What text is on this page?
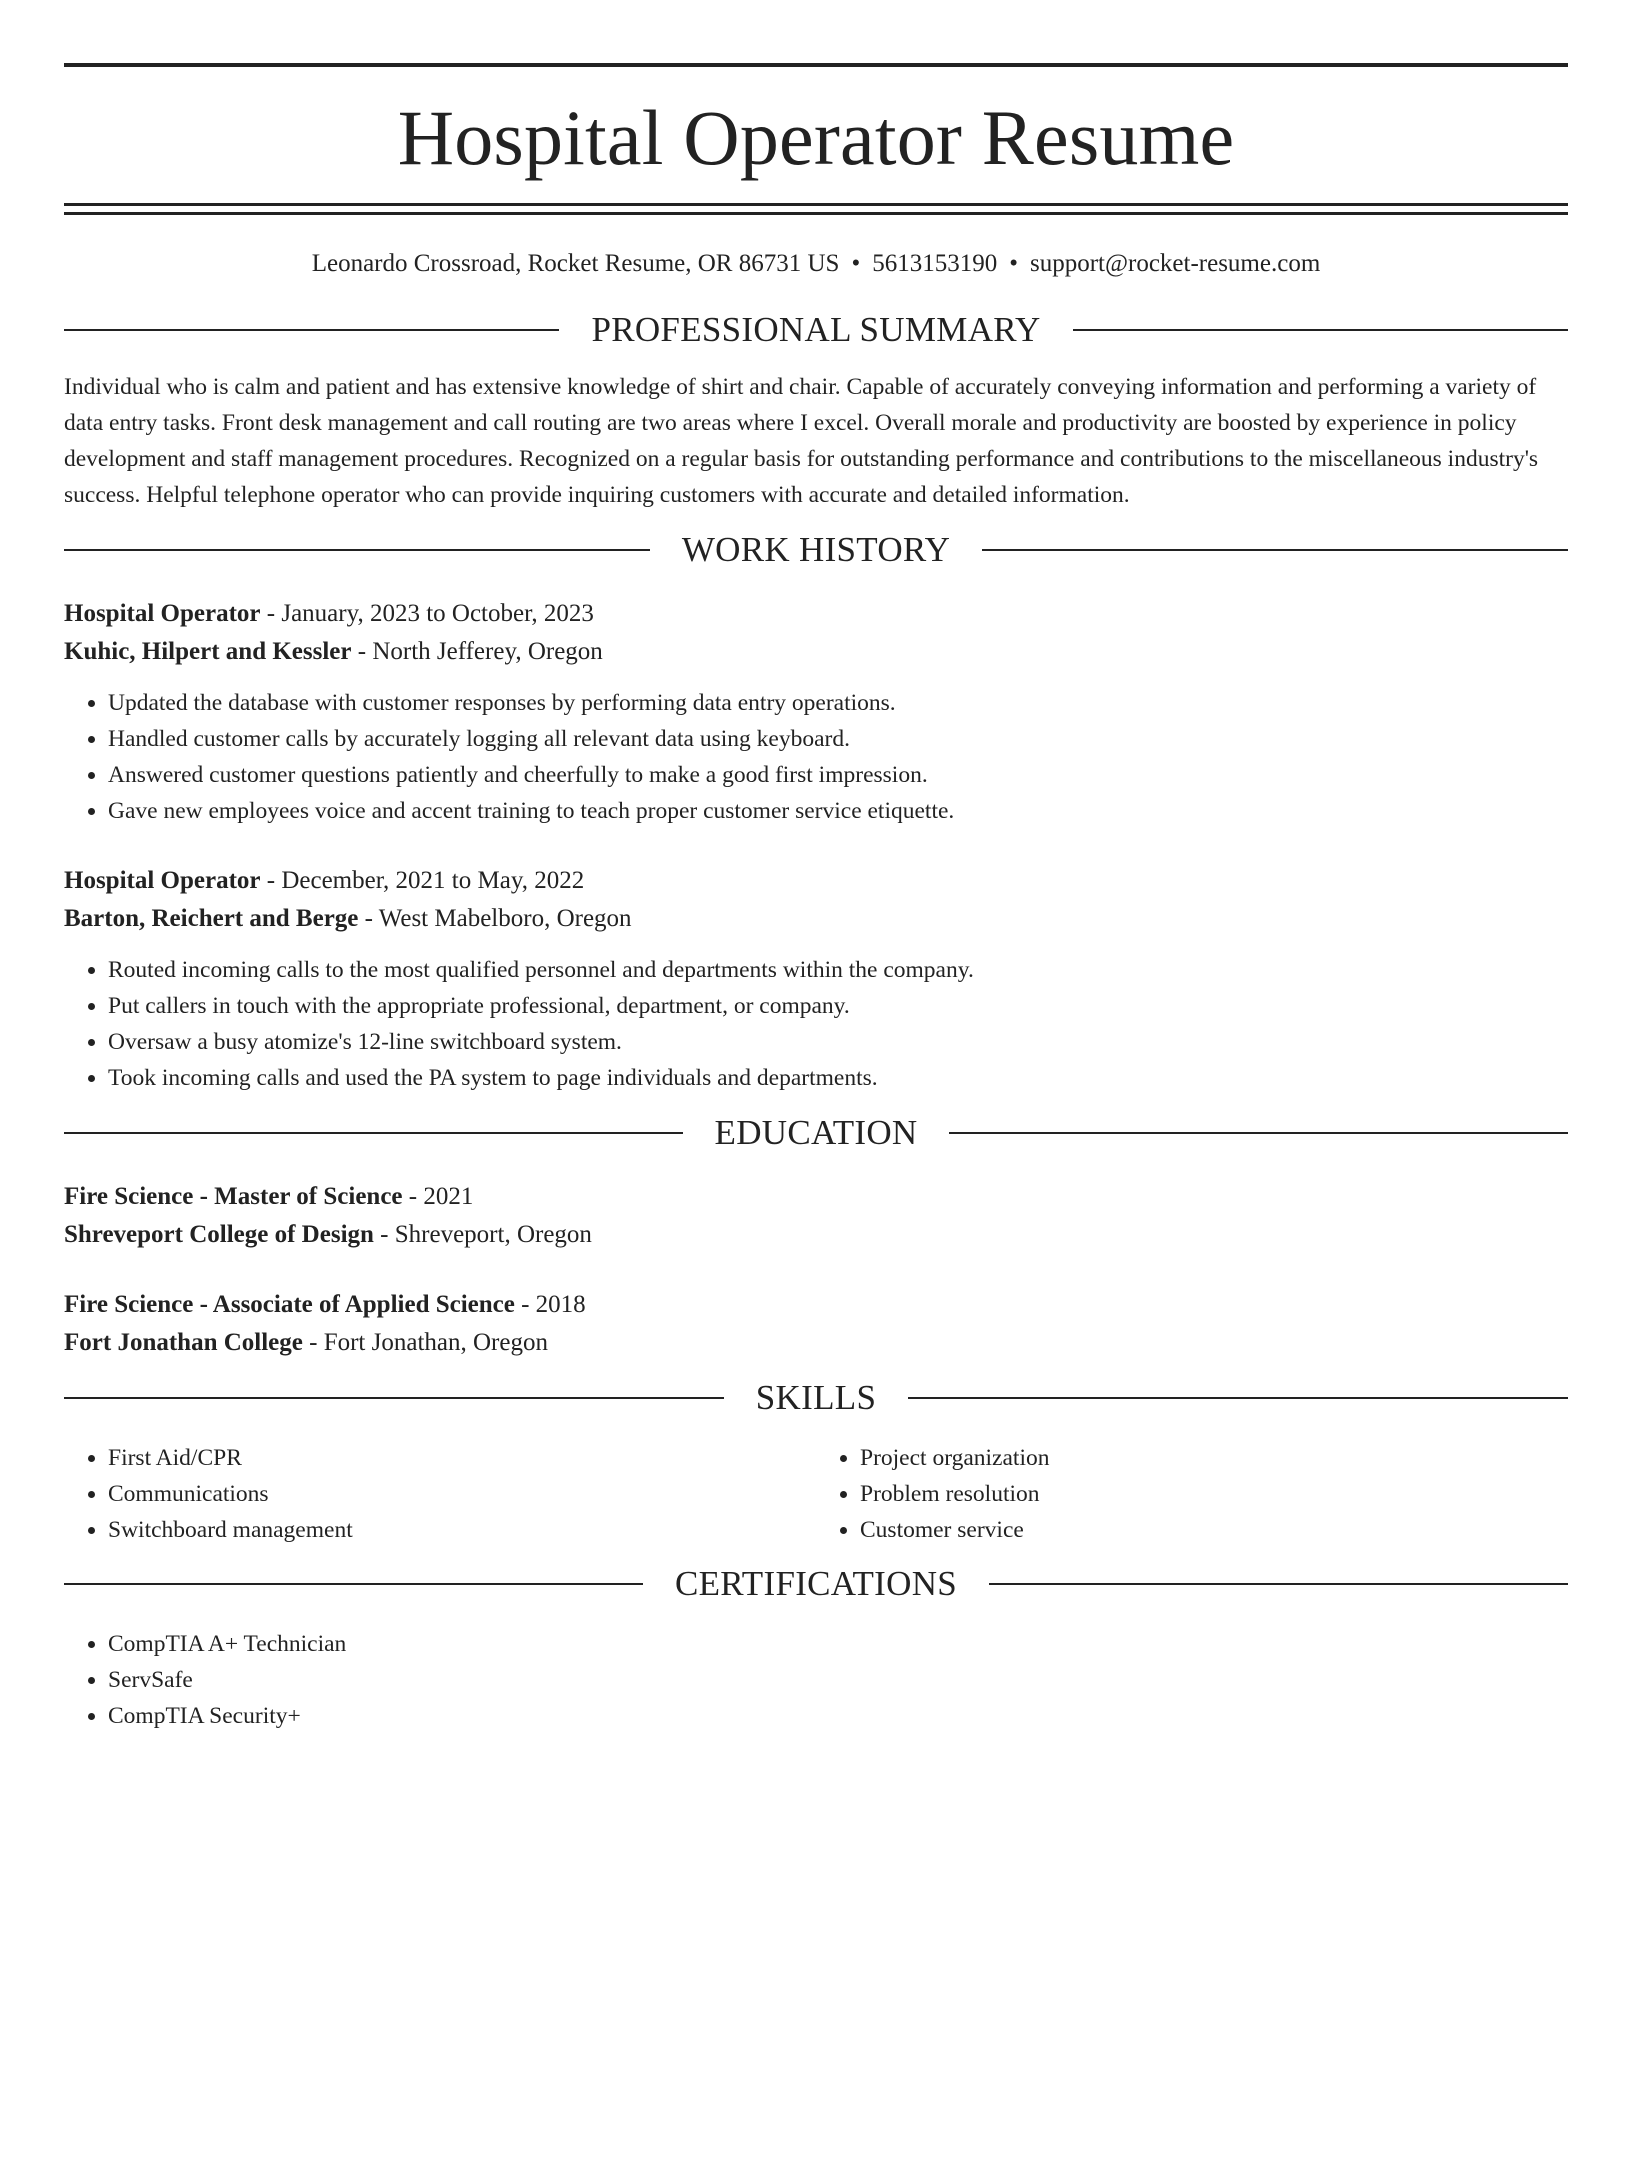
Hospital Operator Resume
Leonardo Crossroad, Rocket Resume, OR 86731 US • 5613153190 • support@rocket-resume.com
PROFESSIONAL SUMMARY

Individual who is calm and patient and has extensive knowledge of shirt and chair. Capable of accurately conveying information and performing a variety of data entry tasks. Front desk management and call routing are two areas where I excel. Overall morale and productivity are boosted by experience in policy development and staff management procedures. Recognized on a regular basis for outstanding performance and contributions to the miscellaneous industry's success. Helpful telephone operator who can provide inquiring customers with accurate and detailed information.

WORK HISTORY
Hospital Operator - January, 2023 to October, 2023
Kuhic, Hilpert and Kessler - North Jefferey, Oregon
• Updated the database with customer responses by performing data entry operations.
• Handled customer calls by accurately logging all relevant data using keyboard.
• Answered customer questions patiently and cheerfully to make a good first impression.
• Gave new employees voice and accent training to teach proper customer service etiquette.
Hospital Operator - December, 2021 to May, 2022
Barton, Reichert and Berge - West Mabelboro, Oregon
• Routed incoming calls to the most qualified personnel and departments within the company.
• Put callers in touch with the appropriate professional, department, or company.
• Oversaw a busy atomize's 12-line switchboard system.
• Took incoming calls and used the PA system to page individuals and departments.
EDUCATION
Fire Science - Master of Science - 2021
Shreveport College of Design - Shreveport, Oregon
Fire Science - Associate of Applied Science - 2018
Fort Jonathan College - Fort Jonathan, Oregon
SKILLS
• First Aid/CPR
• Communications
• Switchboard management
• Project organization
• Problem resolution
• Customer service
CERTIFICATIONS
• CompTIA A+ Technician
• ServSafe
• CompTIA Security+
